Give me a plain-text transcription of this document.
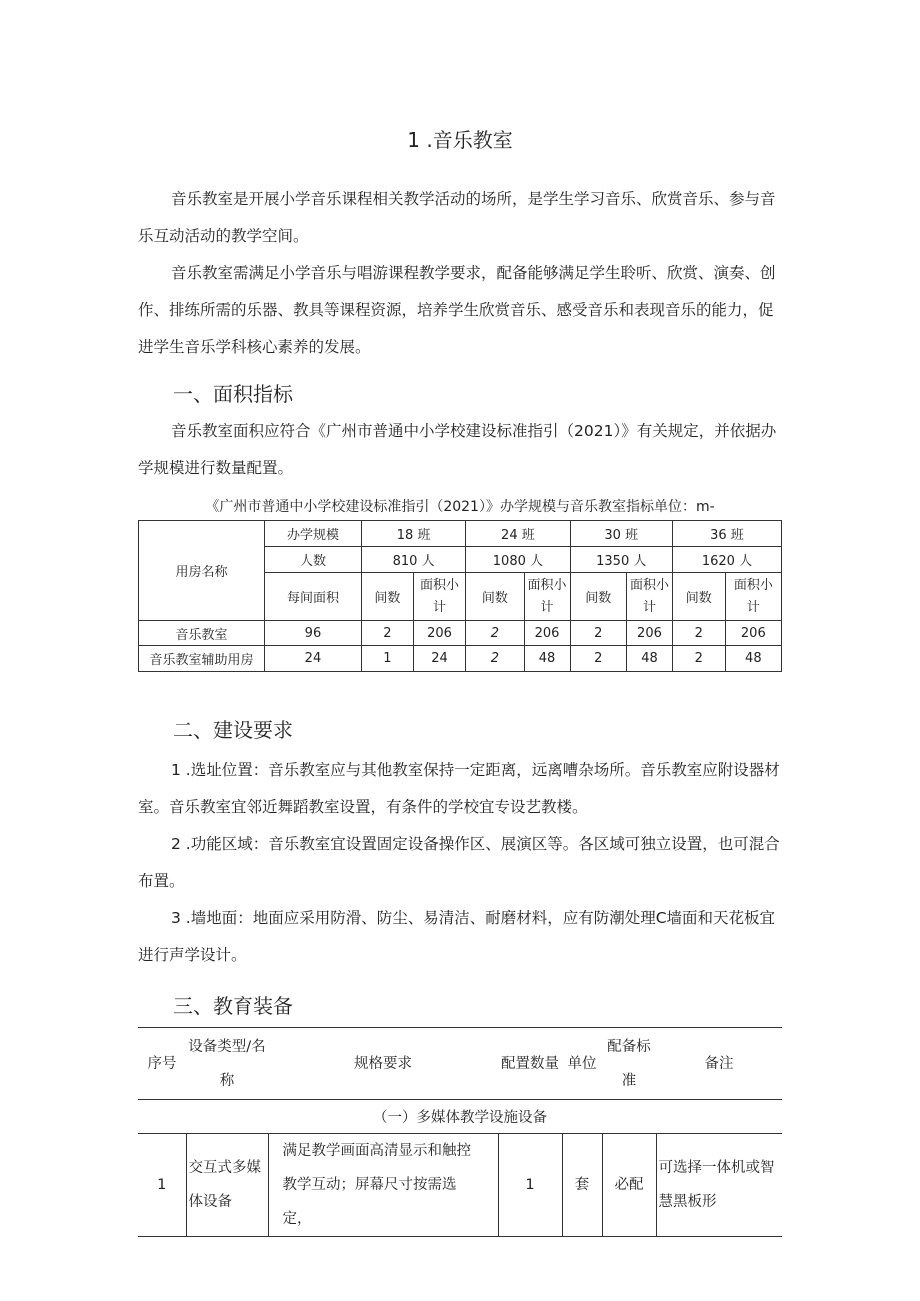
1 .音乐教室

音乐教室是开展小学音乐课程相关教学活动的场所，是学生学习音乐、欣赏音乐、参与音乐互动活动的教学空间。

音乐教室需满足小学音乐与唱游课程教学要求，配备能够满足学生聆听、欣赏、演奏、创作、排练所需的乐器、教具等课程资源，培养学生欣赏音乐、感受音乐和表现音乐的能力，促进学生音乐学科核心素养的发展。

一、面积指标

音乐教室面积应符合《广州市普通中小学校建设标准指引（2021）》有关规定，并依据办学规模进行数量配置。

《广州市普通中小学校建设标准指引（2021）》办学规模与音乐教室指标单位：m-
用房名称	办学规模	18 班		24 班		30 班		36 班	
	人数	810 人		1080 人		1350 人		1620 人	
	每间面积	间数	面积小计	间数	面积小计	间数	面积小计	间数	面积小计
音乐教室	96	2	206	2	206	2	206	2	206
音乐教室辅助用房	24	1	24	2	48	2	48	2	48
二、建设要求

1 .选址位置：音乐教室应与其他教室保持一定距离，远离嘈杂场所。音乐教室应附设器材室。音乐教室宜邻近舞蹈教室设置，有条件的学校宜专设艺教楼。

2 .功能区域：音乐教室宜设置固定设备操作区、展演区等。各区域可独立设置，也可混合布置。

3 .墙地面：地面应采用防滑、防尘、易清洁、耐磨材料，应有防潮处理C墙面和天花板宜进行声学设计。

三、教育装备
序号	设备类型/名称	规格要求	配置数量	单位	配备标准	备注
（一）多媒体教学设施设备						
1	交互式多媒体设备	满足教学画面高清显示和触控教学互动；屏幕尺寸按需选定，	1	套	必配	可选择一体机或智慧黑板形
